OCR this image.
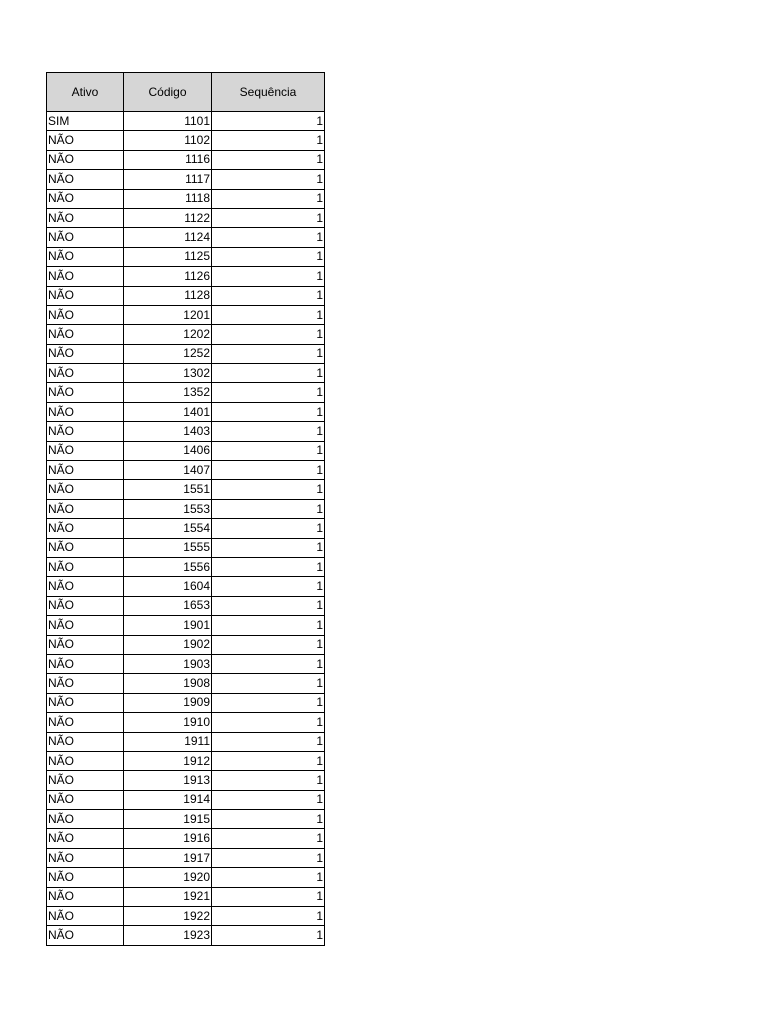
Ativo	Código	Sequência
SIM	1101	1
NÃO	1102	1
NÃO	1116	1
NÃO	1117	1
NÃO	1118	1
NÃO	1122	1
NÃO	1124	1
NÃO	1125	1
NÃO	1126	1
NÃO	1128	1
NÃO	1201	1
NÃO	1202	1
NÃO	1252	1
NÃO	1302	1
NÃO	1352	1
NÃO	1401	1
NÃO	1403	1
NÃO	1406	1
NÃO	1407	1
NÃO	1551	1
NÃO	1553	1
NÃO	1554	1
NÃO	1555	1
NÃO	1556	1
NÃO	1604	1
NÃO	1653	1
NÃO	1901	1
NÃO	1902	1
NÃO	1903	1
NÃO	1908	1
NÃO	1909	1
NÃO	1910	1
NÃO	1911	1
NÃO	1912	1
NÃO	1913	1
NÃO	1914	1
NÃO	1915	1
NÃO	1916	1
NÃO	1917	1
NÃO	1920	1
NÃO	1921	1
NÃO	1922	1
NÃO	1923	1
